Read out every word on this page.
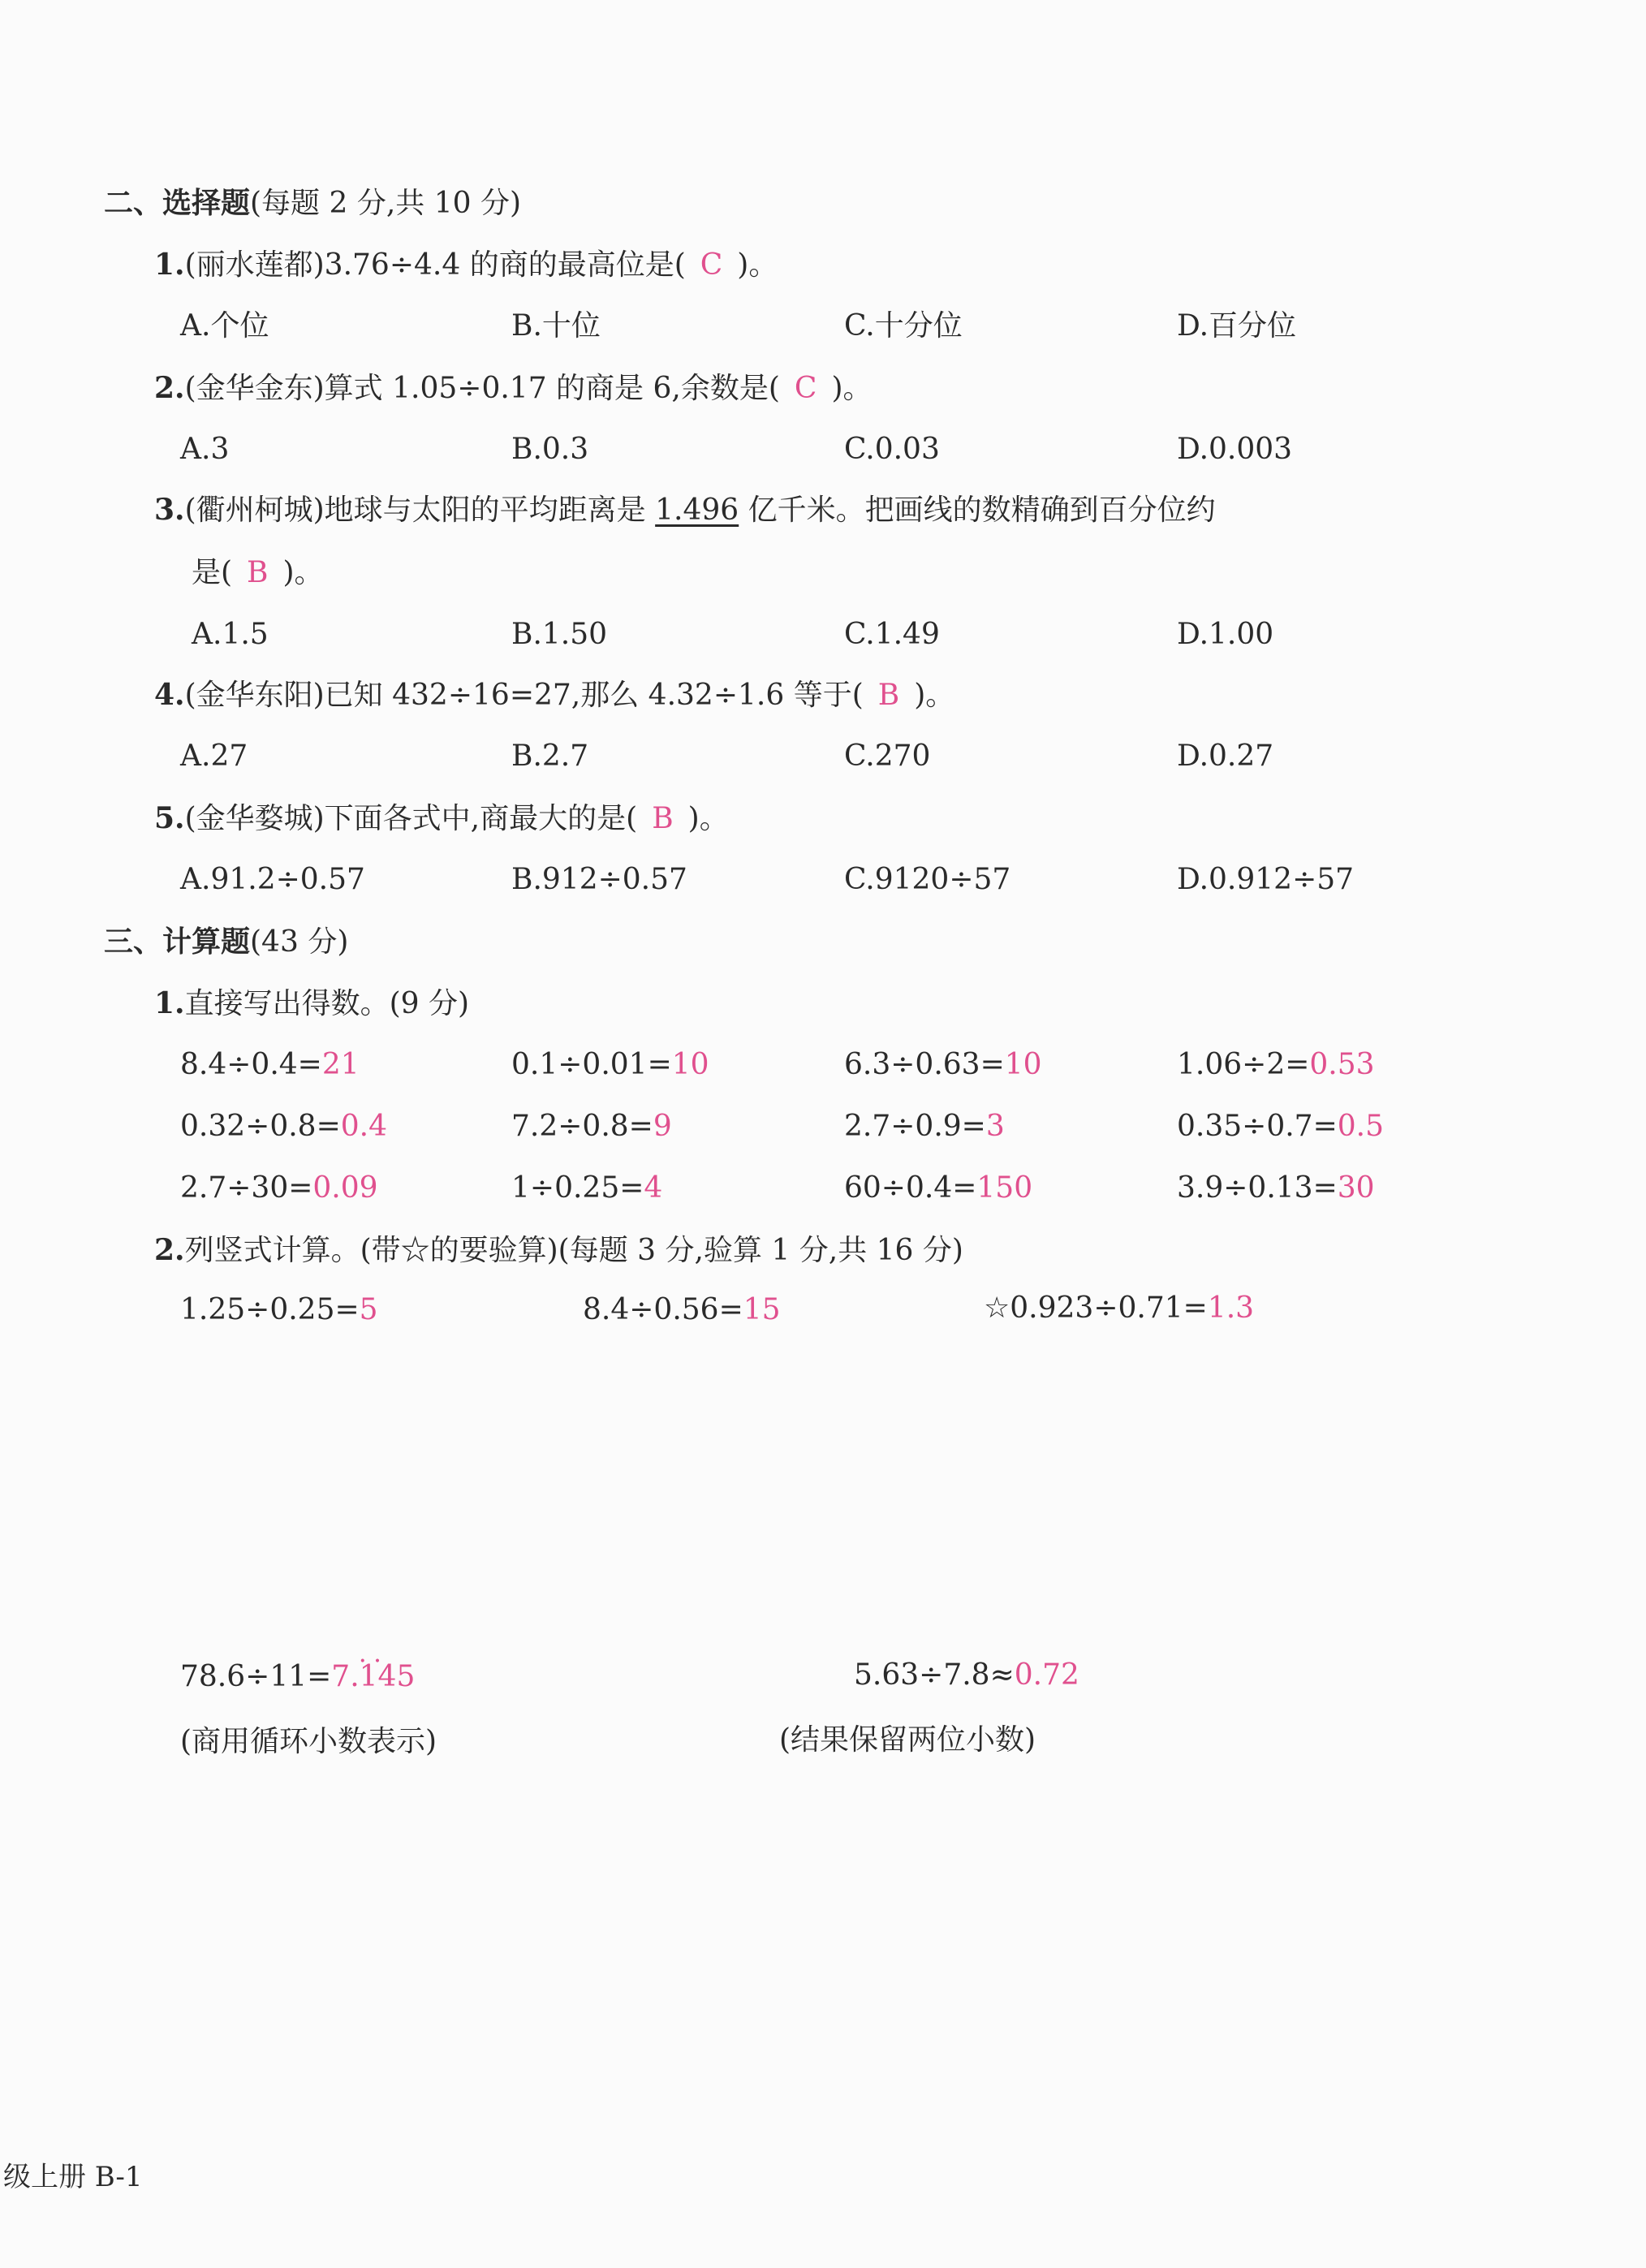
二、选择题(每题 2 分,共 10 分)
1.(丽水莲都)3.76÷4.4 的商的最高位是( C )。
A.个位	B.十位	C.十分位	D.百分位
2.(金华金东)算式 1.05÷0.17 的商是 6,余数是( C )。
A.3	B.0.3	C.0.03	D.0.003
3.(衢州柯城)地球与太阳的平均距离是 1.496 亿千米。把画线的数精确到百分位约
是( B )。
A.1.5	B.1.50	C.1.49	D.1.00
4.(金华东阳)已知 432÷16=27,那么 4.32÷1.6 等于( B )。
A.27	B.2.7	C.270	D.0.27
5.(金华婺城)下面各式中,商最大的是( B )。
A.91.2÷0.57	B.912÷0.57	C.9120÷57	D.0.912÷57
三、计算题(43 分)
1.直接写出得数。(9 分)
8.4÷0.4=21	0.1÷0.01=10	6.3÷0.63=10	1.06÷2=0.53
0.32÷0.8=0.4	7.2÷0.8=9	2.7÷0.9=3	0.35÷0.7=0.5
2.7÷30=0.09	1÷0.25=4	60÷0.4=150	3.9÷0.13=30
2.列竖式计算。(带☆的要验算)(每题 3 分,验算 1 分,共 16 分)
1.25÷0.25=5	8.4÷0.56=15	☆0.923÷0.71=1.3
78.6÷11=7.• • 145
(商用循环小数表示)
5.63÷7.8≈0.72
(结果保留两位小数)
级上册 B-1
